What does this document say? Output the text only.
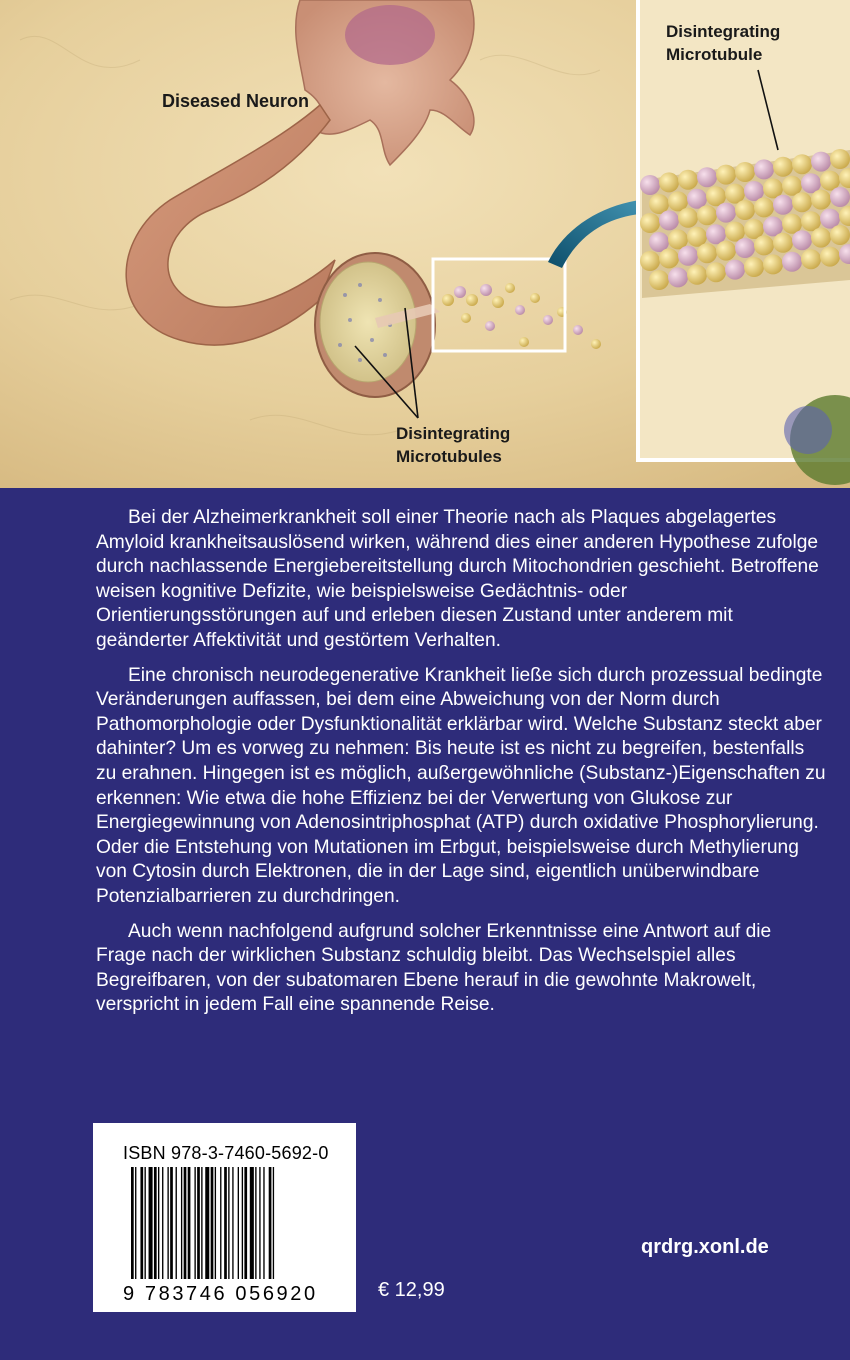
Diseased Neuron
Disintegrating
Microtubule
Disintegrating
Microtubules

Bei der Alzheimerkrankheit soll einer Theorie nach als Plaques abgelagertes Amyloid krankheitsauslösend wirken, während dies einer anderen Hypothese zufolge durch nachlassende Energiebereitstellung durch Mitochondrien geschieht. Betroffene weisen kognitive Defizite, wie beispielsweise Gedächtnis- oder Orientierungsstörungen auf und erleben diesen Zustand unter anderem mit geänderter Affektivität und gestörtem Verhalten.

Eine chronisch neurodegenerative Krankheit ließe sich durch prozessual bedingte Veränderungen auffassen, bei dem eine Abweichung von der Norm durch Pathomorphologie oder Dysfunktionalität erklärbar wird. Welche Substanz steckt aber dahinter? Um es vorweg zu nehmen: Bis heute ist es nicht zu begreifen, bestenfalls zu erahnen. Hingegen ist es möglich, außergewöhnliche (Substanz-)Eigenschaften zu erkennen: Wie etwa die hohe Effizienz bei der Verwertung von Glukose zur Energiegewinnung von Adenosintriphosphat (ATP) durch oxidative Phosphorylierung. Oder die Entstehung von Mutationen im Erbgut, beispielsweise durch Methylierung von Cytosin durch Elektronen, die in der Lage sind, eigentlich unüberwindbare Potenzialbarrieren zu durchdringen.

Auch wenn nachfolgend aufgrund solcher Erkenntnisse eine Antwort auf die Frage nach der wirklichen Substanz schuldig bleibt. Das Wechselspiel alles Begreifbaren, von der subatomaren Ebene herauf in die gewohnte Makrowelt, verspricht in jedem Fall eine spannende Reise.

ISBN 978-3-7460-5692-0
9 783746 056920	€ 12,99
qrdrg.xonl.de
